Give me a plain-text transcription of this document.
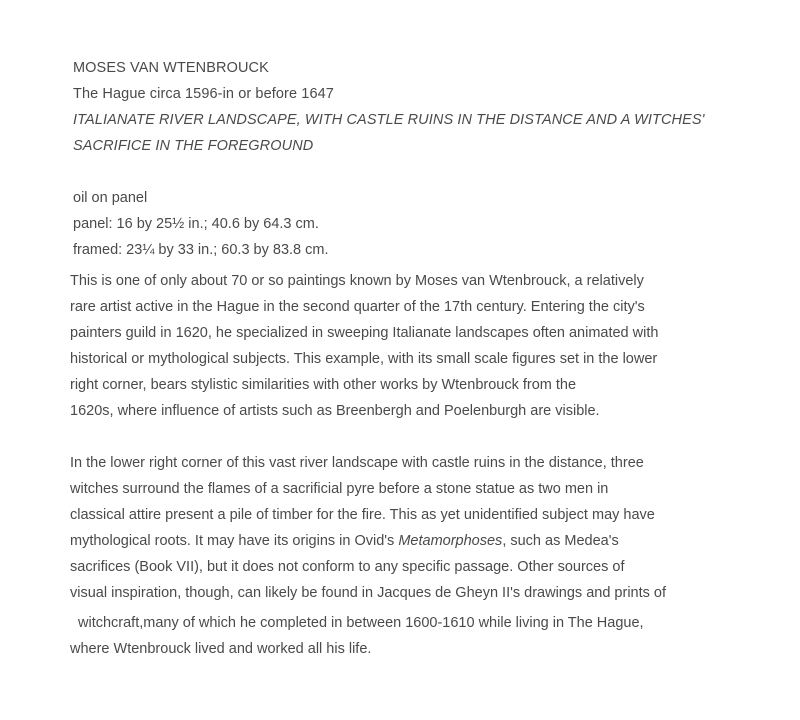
MOSES VAN WTENBROUCK
The Hague circa 1596-in or before 1647
ITALIANATE RIVER LANDSCAPE, WITH CASTLE RUINS IN THE DISTANCE AND A WITCHES'
SACRIFICE IN THE FOREGROUND
oil on panel
panel: 16 by 25½ in.; 40.6 by 64.3 cm.
framed: 23¼ by 33 in.; 60.3 by 83.8 cm.

This is one of only about 70 or so paintings known by Moses van Wtenbrouck, a relatively
rare artist active in the Hague in the second quarter of the 17th century. Entering the city's
painters guild in 1620, he specialized in sweeping Italianate landscapes often animated with
historical or mythological subjects. This example, with its small scale figures set in the lower
right corner, bears stylistic similarities with other works by Wtenbrouck from the
1620s, where influence of artists such as Breenbergh and Poelenburgh are visible.

In the lower right corner of this vast river landscape with castle ruins in the distance, three
witches surround the flames of a sacrificial pyre before a stone statue as two men in
classical attire present a pile of timber for the fire. This as yet unidentified subject may have
mythological roots. It may have its origins in Ovid's Metamorphoses, such as Medea's
sacrifices (Book VII), but it does not conform to any specific passage. Other sources of
visual inspiration, though, can likely be found in Jacques de Gheyn II's drawings and prints of
witchcraft,many of which he completed in between 1600-1610 while living in The Hague,
where Wtenbrouck lived and worked all his life.
